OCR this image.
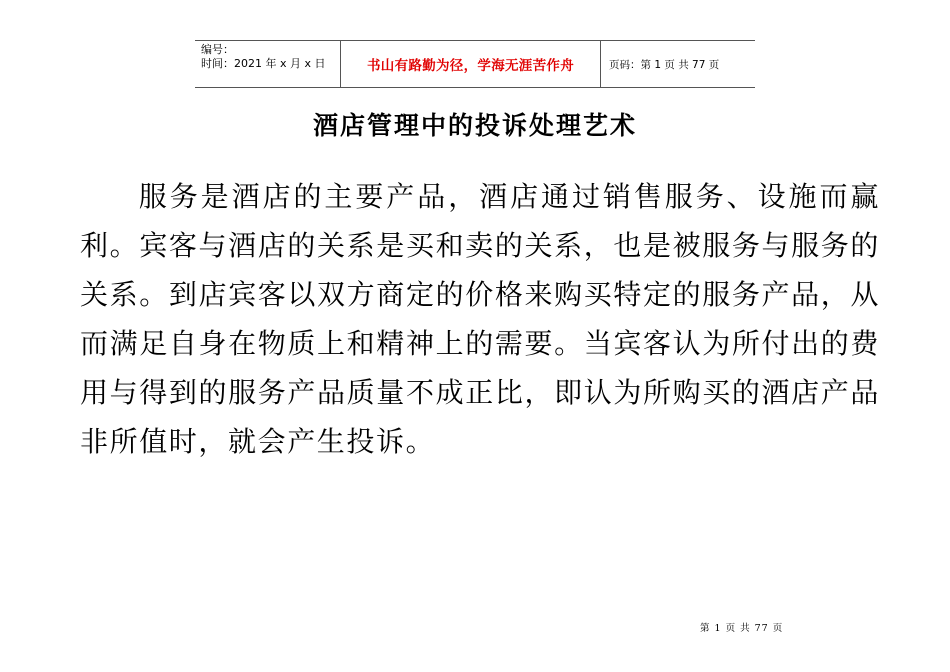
编号：
时间：2021 年 x 月 x 日	书山有路勤为径，学海无涯苦作舟	页码：第 1 页 共 77 页
酒店管理中的投诉处理艺术
服务是酒店的主要产品，酒店通过销售服务、设施而赢利。宾客与酒店的关系是买和卖的关系，也是被服务与服务的关系。到店宾客以双方商定的价格来购买特定的服务产品，从而满足自身在物质上和精神上的需要。当宾客认为所付出的费用与得到的服务产品质量不成正比，即认为所购买的酒店产品非所值时，就会产生投诉。
第 1 页 共 77 页
